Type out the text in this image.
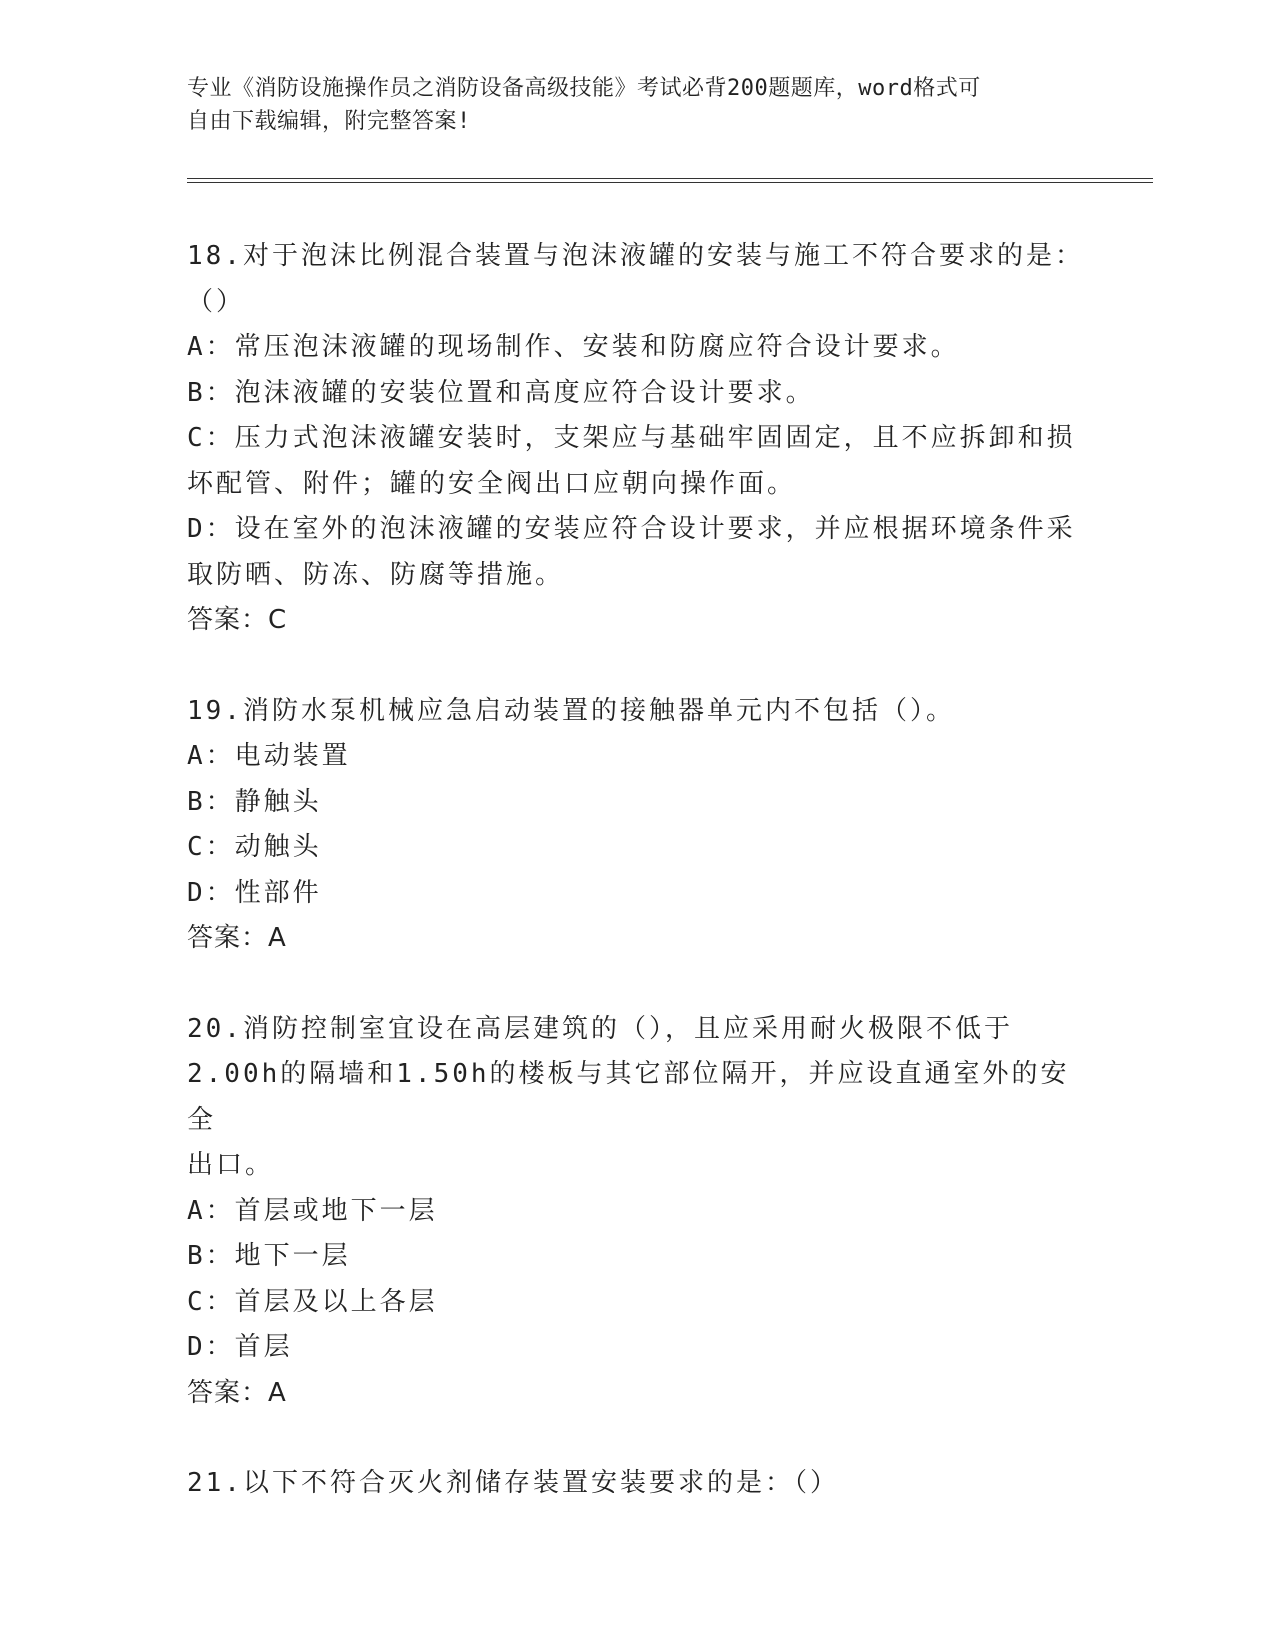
专业《消防设施操作员之消防设备高级技能》考试必背200题题库，word格式可
自由下载编辑，附完整答案!
18.对于泡沫比例混合装置与泡沫液罐的安装与施工不符合要求的是：
（）
A：常压泡沫液罐的现场制作、安装和防腐应符合设计要求。
B：泡沫液罐的安装位置和高度应符合设计要求。
C：压力式泡沫液罐安装时，支架应与基础牢固固定，且不应拆卸和损
坏配管、附件；罐的安全阀出口应朝向操作面。
D：设在室外的泡沫液罐的安装应符合设计要求，并应根据环境条件采
取防晒、防冻、防腐等措施。
答案：C
19.消防水泵机械应急启动装置的接触器单元内不包括（）。
A：电动装置
B：静触头
C：动触头
D：性部件
答案：A
20.消防控制室宜设在高层建筑的（），且应采用耐火极限不低于
2.00h的隔墙和1.50h的楼板与其它部位隔开，并应设直通室外的安全
出口。
A：首层或地下一层
B：地下一层
C：首层及以上各层
D：首层
答案：A
21.以下不符合灭火剂储存装置安装要求的是：（）
